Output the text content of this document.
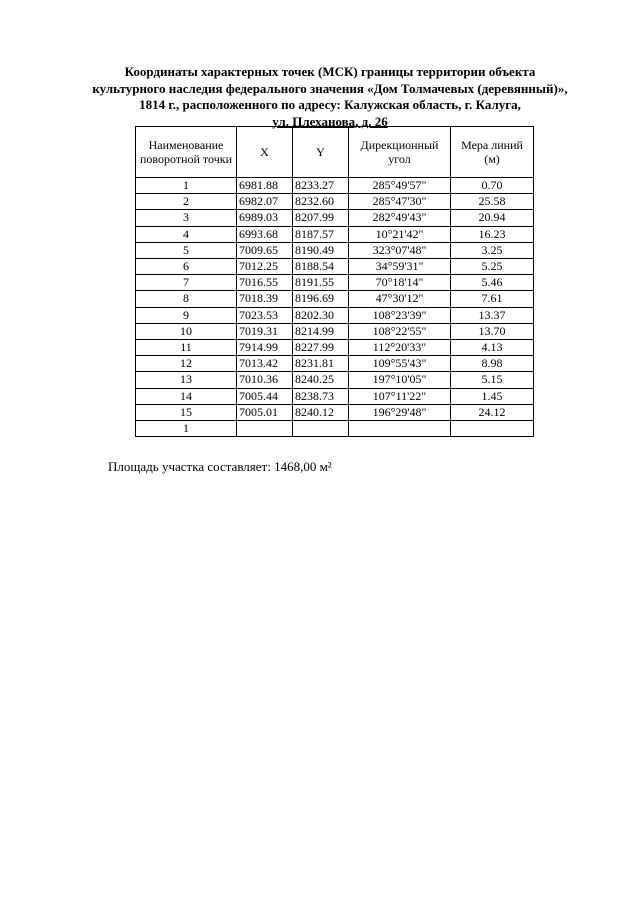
Координаты характерных точек (МСК) границы территории объекта
культурного наследия федерального значения «Дом Толмачевых (деревянный)»,
1814 г., расположенного по адресу: Калужская область, г. Калуга,
ул. Плеханова, д. 26
Наименование поворотной точки	X	Y	Дирекционный угол	Мера линий (м)
1	6981.88	8233.27	285°49'57"	0.70
2	6982.07	8232.60	285°47'30"	25.58
3	6989.03	8207.99	282°49'43"	20.94
4	6993.68	8187.57	10°21'42"	16.23
5	7009.65	8190.49	323°07'48"	3.25
6	7012.25	8188.54	34°59'31"	5.25
7	7016.55	8191.55	70°18'14"	5.46
8	7018.39	8196.69	47°30'12"	7.61
9	7023.53	8202.30	108°23'39"	13.37
10	7019.31	8214.99	108°22'55"	13.70
11	7914.99	8227.99	112°20'33"	4.13
12	7013.42	8231.81	109°55'43"	8.98
13	7010.36	8240.25	197°10'05"	5.15
14	7005.44	8238.73	107°11'22"	1.45
15	7005.01	8240.12	196°29'48"	24.12
1				
Площадь участка составляет: 1468,00 м²
